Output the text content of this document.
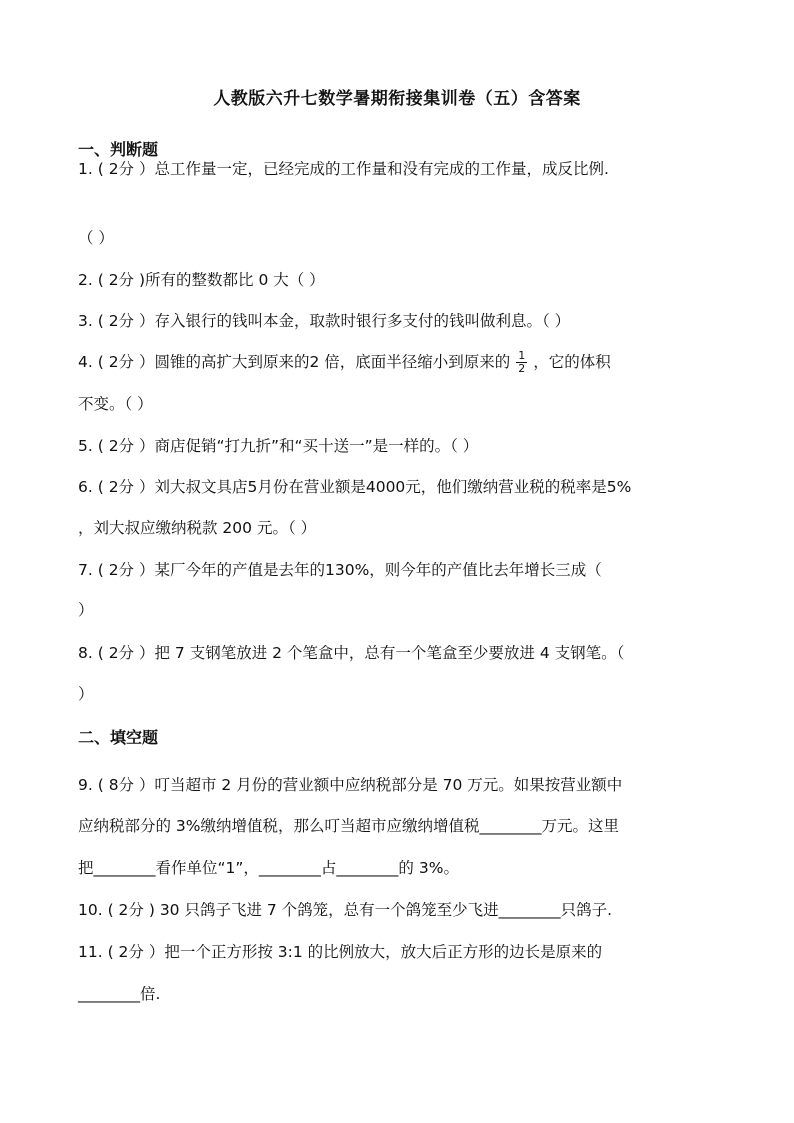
人教版六升七数学暑期衔接集训卷（五）含答案
一、判断题
1. ( 2分 ）总工作量一定，已经完成的工作量和没有完成的工作量，成反比例.
（ ）
2. ( 2分 )所有的整数都比 0 大（ ）
3. ( 2分 ）存入银行的钱叫本金，取款时银行多支付的钱叫做利息。（ ）
4. ( 2分 ）圆锥的高扩大到原来的2 倍，底面半径缩小到原来的 $\frac{1}{2}$ ，它的体积
不变。（ ）
5. ( 2分 ）商店促销“打九折”和“买十送一”是一样的。（ ）
6. ( 2分 ）刘大叔文具店5月份在营业额是4000元，他们缴纳营业税的税率是5%
，刘大叔应缴纳税款 200 元。（ ）
7. ( 2分 ）某厂今年的产值是去年的130%，则今年的产值比去年增长三成（
）
8. ( 2分 ）把 7 支钢笔放进 2 个笔盒中，总有一个笔盒至少要放进 4 支钢笔。（
）
二、填空题
9. ( 8分 ）叮当超市 2 月份的营业额中应纳税部分是 70 万元。如果按营业额中
应纳税部分的 3%缴纳增值税，那么叮当超市应缴纳增值税________万元。这里
把________看作单位“1”，________占________的 3%。
10. ( 2分 ) 30 只鸽子飞进 7 个鸽笼，总有一个鸽笼至少飞进________只鸽子.
11. ( 2分 ）把一个正方形按 3:1 的比例放大，放大后正方形的边长是原来的
________倍.
